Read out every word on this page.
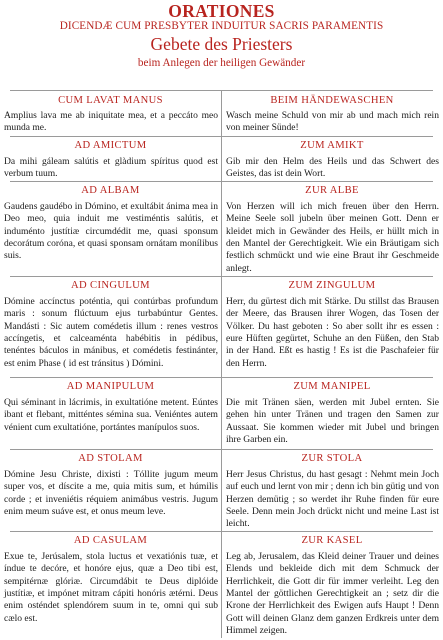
ORATIONES
DICENDÆ CUM PRESBYTER INDUITUR SACRIS PARAMENTIS
Gebete des Priesters
beim Anlegen der heiligen Gewänder
CUM LAVAT MANUS
Amplius lava me ab iniquitate mea, et a peccáto meo munda me.
BEIM HÄNDEWASCHEN
Wasch meine Schuld von mir ab und mach mich rein von meiner Sünde!
AD AMICTUM
Da mihi gáleam salútis et glàdium spíritus quod est verbum tuum.
ZUM AMIKT
Gib mir den Helm des Heils und das Schwert des Geistes, das ist dein Wort.
AD ALBAM
Gaudens gaudébo in Dómino, et exultábit ánima mea in Deo meo, quia induit me vestiméntis salútis, et induménto justítiæ circumdédit me, quasi sponsum decorátum coróna, et quasi sponsam ornátam monílibus suis.
ZUR ALBE
Von Herzen will ich mich freuen über den Herrn. Meine Seele soll jubeln über meinen Gott. Denn er kleidet mich in Gewänder des Heils, er hüllt mich in den Mantel der Gerechtigkeit. Wie ein Bräutigam sich festlich schmückt und wie eine Braut ihr Geschmeide anlegt.
AD CINGULUM
Dómine accínctus poténtia, qui contúrbas profundum maris : sonum flúctuum ejus turbabúntur Gentes. Mandásti : Sic autem comédetis illum : renes vestros accíngetis, et calceaménta habébitis in pédibus, tenéntes báculos in mánibus, et comédetis festinánter, est enim Phase ( id est tránsitus ) Dómini.
ZUM ZINGULUM
Herr, du gürtest dich mit Stärke. Du stillst das Brausen der Meere, das Brausen ihrer Wogen, das Tosen der Völker. Du hast geboten : So aber sollt ihr es essen : eure Hüften gegürtet, Schuhe an den Füßen, den Stab in der Hand. Eßt es hastig ! Es ist die Paschafeier für den Herrn.
AD MANIPULUM
Qui séminant in lácrimis, in exultatióne metent. Eúntes ibant et flebant, mitténtes sémina sua. Veniéntes autem vénient cum exultatióne, portántes manípulos suos.
ZUM MANIPEL
Die mit Tränen säen, werden mit Jubel ernten. Sie gehen hin unter Tränen und tragen den Samen zur Aussaat. Sie kommen wieder mit Jubel und bringen ihre Garben ein.
AD STOLAM
Dómine Jesu Christe, dixisti : Tóllite jugum meum super vos, et díscite a me, quia mitis sum, et húmilis corde ; et inveniétis réquiem animábus vestris. Jugum enim meum suáve est, et onus meum leve.
ZUR STOLA
Herr Jesus Christus, du hast gesagt : Nehmt mein Joch auf euch und lernt von mir ; denn ich bin gütig und von Herzen demütig ; so werdet ihr Ruhe finden für eure Seele. Denn mein Joch drückt nicht und meine Last ist leicht.
AD CASULAM
Exue te, Jerúsalem, stola luctus et vexatiónis tuæ, et índue te decóre, et honóre ejus, quæ a Deo tibi est, sempitérnæ glóriæ. Circumdábit te Deus diplóide justítiæ, et impónet mitram cápiti honóris ætérni. Deus enim osténdet splendórem suum in te, omni qui sub cælo est.
ZUR KASEL
Leg ab, Jerusalem, das Kleid deiner Trauer und deines Elends und bekleide dich mit dem Schmuck der Herrlichkeit, die Gott dir für immer verleiht. Leg den Mantel der göttlichen Gerechtigkeit an ; setz dir die Krone der Herrlichkeit des Ewigen aufs Haupt ! Denn Gott will deinen Glanz dem ganzen Erdkreis unter dem Himmel zeigen.
